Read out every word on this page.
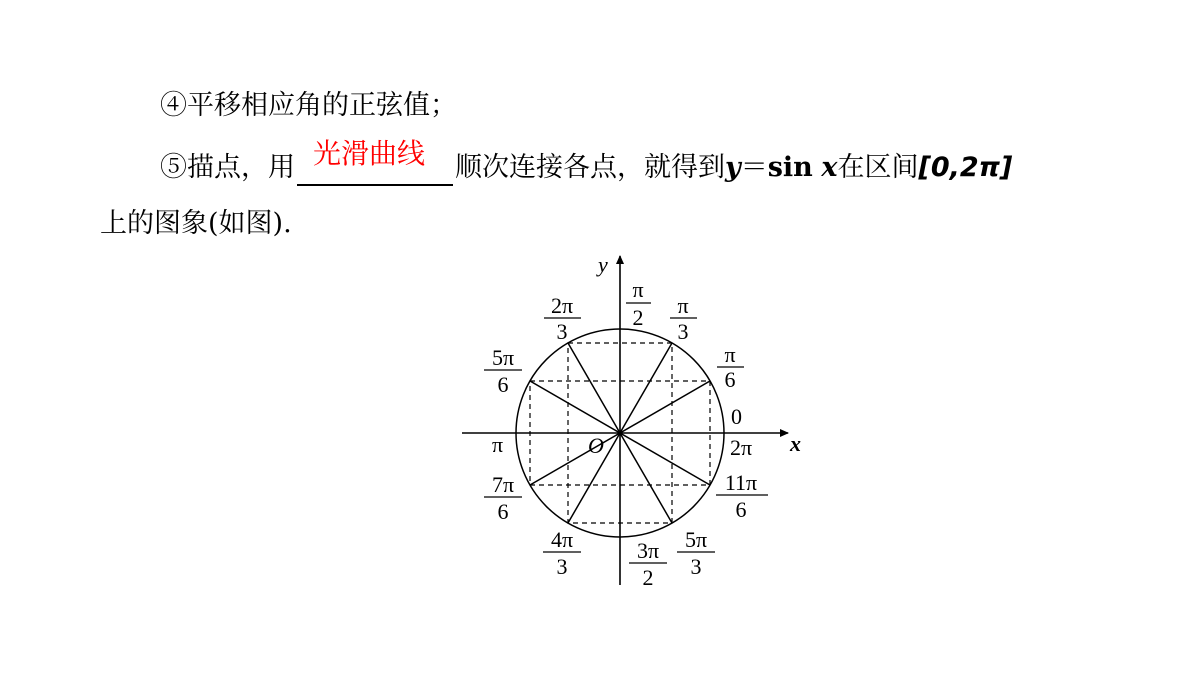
④平移相应角的正弦值；
⑤描点，用 光滑曲线 顺次连接各点，就得到y＝sin x在区间[0,2π]
上的图象(如图).
y
x
O
0
2π
π
π
2 π
3
2π
3
π
6
5π
6
7π
6
11π
6
4π
3
3π
2
5π
3
